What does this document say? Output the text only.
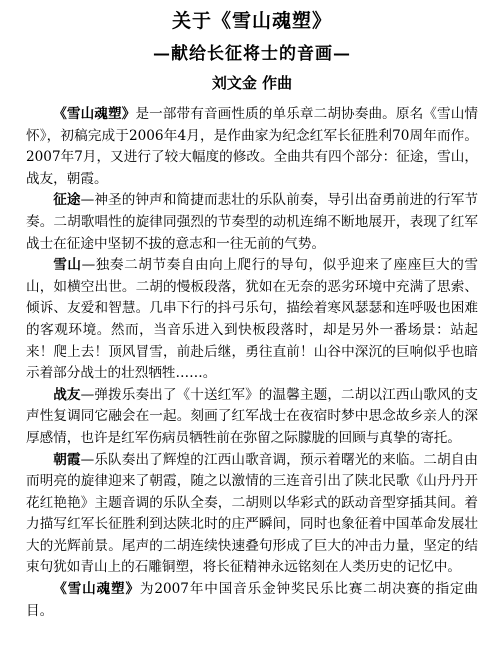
关于《雪山魂塑》
—献给长征将士的音画—
刘文金 作曲

《雪山魂塑》是一部带有音画性质的单乐章二胡协奏曲。原名《雪山情怀》，初稿完成于2006年4月，是作曲家为纪念红军长征胜利70周年而作。2007年7月，又进行了较大幅度的修改。全曲共有四个部分：征途，雪山，战友，朝霞。

征途—神圣的钟声和简捷而悲壮的乐队前奏，导引出奋勇前进的行军节奏。二胡歌唱性的旋律同强烈的节奏型的动机连绵不断地展开，表现了红军战士在征途中坚韧不拔的意志和一往无前的气势。

雪山—独奏二胡节奏自由向上爬行的导句，似乎迎来了座座巨大的雪山，如横空出世。二胡的慢板段落，犹如在无奈的恶劣环境中充满了思索、倾诉、友爱和智慧。几串下行的抖弓乐句，描绘着寒风瑟瑟和连呼吸也困难的客观环境。然而，当音乐进入到快板段落时，却是另外一番场景：站起来！爬上去！顶风冒雪，前赴后继，勇往直前！山谷中深沉的巨响似乎也暗示着部分战士的壮烈牺牲……。

战友—弹拨乐奏出了《十送红军》的温馨主题，二胡以江西山歌风的支声性复调同它融会在一起。刻画了红军战士在夜宿时梦中思念故乡亲人的深厚感情，也许是红军伤病员牺牲前在弥留之际朦胧的回顾与真挚的寄托。

朝霞—乐队奏出了辉煌的江西山歌音调，预示着曙光的来临。二胡自由而明亮的旋律迎来了朝霞，随之以激情的三连音引出了陕北民歌《山丹丹开花红艳艳》主题音调的乐队全奏，二胡则以华彩式的跃动音型穿插其间。着力描写红军长征胜利到达陕北时的庄严瞬间，同时也象征着中国革命发展壮大的光辉前景。尾声的二胡连续快速叠句形成了巨大的冲击力量，坚定的结束句犹如青山上的石雕铜塑，将长征精神永远铭刻在人类历史的记忆中。

《雪山魂塑》为2007年中国音乐金钟奖民乐比赛二胡决赛的指定曲目。
